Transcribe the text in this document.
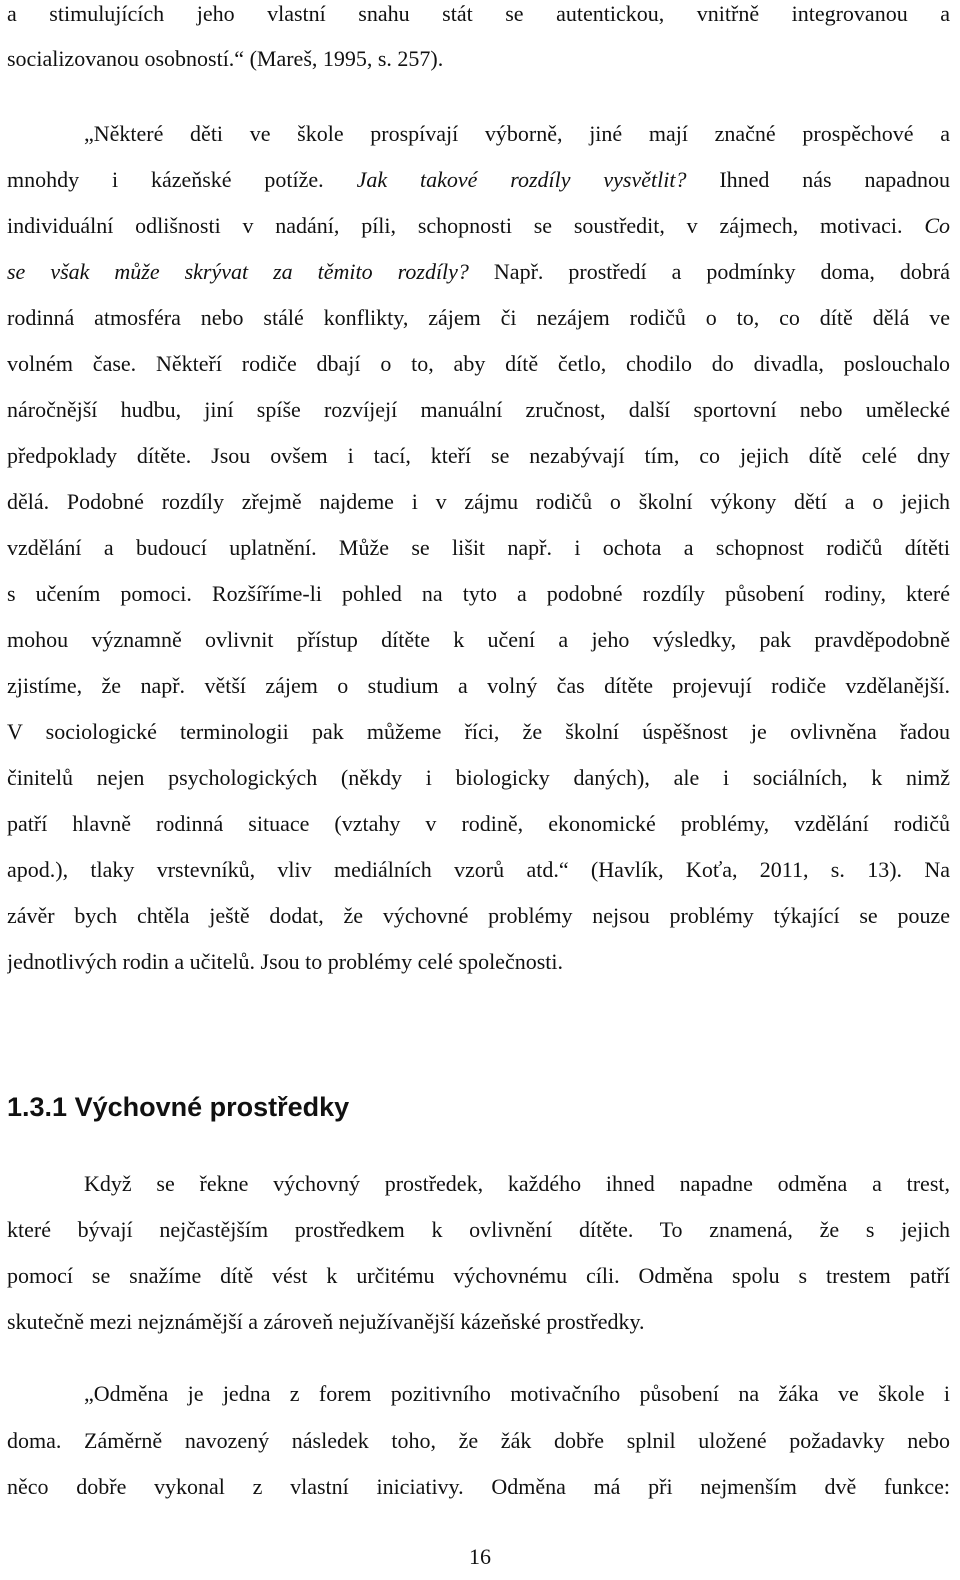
a stimulujících jeho vlastní snahu stát se autentickou, vnitřně integrovanou a
socializovanou osobností.“ (Mareš, 1995, s. 257).
„Některé děti ve škole prospívají výborně, jiné mají značné prospěchové a
mnohdy i kázeňské potíže. Jak takové rozdíly vysvětlit? Ihned nás napadnou
individuální odlišnosti v nadání, píli, schopnosti se soustředit, v zájmech, motivaci. Co
se však může skrývat za těmito rozdíly? Např. prostředí a podmínky doma, dobrá
rodinná atmosféra nebo stálé konflikty, zájem či nezájem rodičů o to, co dítě dělá ve
volném čase. Někteří rodiče dbají o to, aby dítě četlo, chodilo do divadla, poslouchalo
náročnější hudbu, jiní spíše rozvíjejí manuální zručnost, další sportovní nebo umělecké
předpoklady dítěte. Jsou ovšem i tací, kteří se nezabývají tím, co jejich dítě celé dny
dělá. Podobné rozdíly zřejmě najdeme i v zájmu rodičů o školní výkony dětí a o jejich
vzdělání a budoucí uplatnění. Může se lišit např. i ochota a schopnost rodičů dítěti
s učením pomoci. Rozšíříme-li pohled na tyto a podobné rozdíly působení rodiny, které
mohou významně ovlivnit přístup dítěte k učení a jeho výsledky, pak pravděpodobně
zjistíme, že např. větší zájem o studium a volný čas dítěte projevují rodiče vzdělanější.
V sociologické terminologii pak můžeme říci, že školní úspěšnost je ovlivněna řadou
činitelů nejen psychologických (někdy i biologicky daných), ale i sociálních, k nimž
patří hlavně rodinná situace (vztahy v rodině, ekonomické problémy, vzdělání rodičů
apod.), tlaky vrstevníků, vliv mediálních vzorů atd.“ (Havlík, Koťa, 2011, s. 13). Na
závěr bych chtěla ještě dodat, že výchovné problémy nejsou problémy týkající se pouze
jednotlivých rodin a učitelů. Jsou to problémy celé společnosti.
1.3.1 Výchovné prostředky
Když se řekne výchovný prostředek, každého ihned napadne odměna a trest,
které bývají nejčastějším prostředkem k ovlivnění dítěte. To znamená, že s jejich
pomocí se snažíme dítě vést k určitému výchovnému cíli. Odměna spolu s trestem patří
skutečně mezi nejznámější a zároveň nejužívanější kázeňské prostředky.
„Odměna je jedna z forem pozitivního motivačního působení na žáka ve škole i
doma. Záměrně navozený následek toho, že žák dobře splnil uložené požadavky nebo
něco dobře vykonal z vlastní iniciativy. Odměna má při nejmenším dvě funkce:
16
